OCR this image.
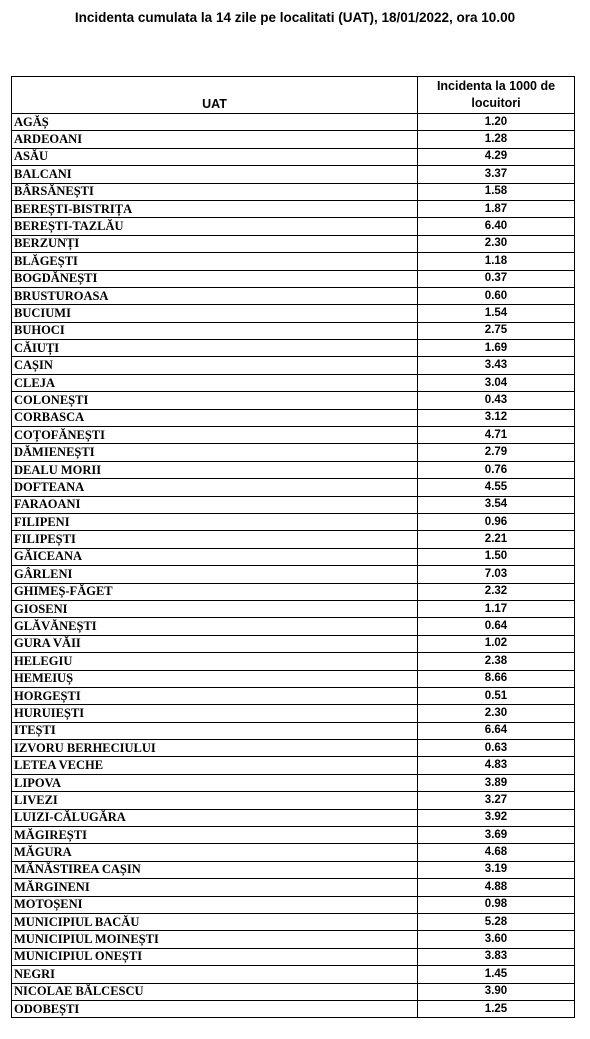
Incidenta cumulata la 14 zile pe localitati (UAT), 18/01/2022, ora 10.00
UAT	Incidenta la 1000 de locuitori
AGĂȘ	1.20
ARDEOANI	1.28
ASĂU	4.29
BALCANI	3.37
BÂRSĂNEȘTI	1.58
BEREȘTI-BISTRIȚA	1.87
BEREȘTI-TAZLĂU	6.40
BERZUNȚI	2.30
BLĂGEȘTI	1.18
BOGDĂNEȘTI	0.37
BRUSTUROASA	0.60
BUCIUMI	1.54
BUHOCI	2.75
CĂIUȚI	1.69
CAȘIN	3.43
CLEJA	3.04
COLONEȘTI	0.43
CORBASCA	3.12
COȚOFĂNEȘTI	4.71
DĂMIENEȘTI	2.79
DEALU MORII	0.76
DOFTEANA	4.55
FARAOANI	3.54
FILIPENI	0.96
FILIPEȘTI	2.21
GĂICEANA	1.50
GÂRLENI	7.03
GHIMEȘ-FĂGET	2.32
GIOSENI	1.17
GLĂVĂNEȘTI	0.64
GURA VĂII	1.02
HELEGIU	2.38
HEMEIUȘ	8.66
HORGEȘTI	0.51
HURUIEȘTI	2.30
ITEȘTI	6.64
IZVORU BERHECIULUI	0.63
LETEA VECHE	4.83
LIPOVA	3.89
LIVEZI	3.27
LUIZI-CĂLUGĂRA	3.92
MĂGIREȘTI	3.69
MĂGURA	4.68
MĂNĂSTIREA CAȘIN	3.19
MĂRGINENI	4.88
MOTOȘENI	0.98
MUNICIPIUL BACĂU	5.28
MUNICIPIUL MOINEȘTI	3.60
MUNICIPIUL ONEȘTI	3.83
NEGRI	1.45
NICOLAE BĂLCESCU	3.90
ODOBEȘTI	1.25
